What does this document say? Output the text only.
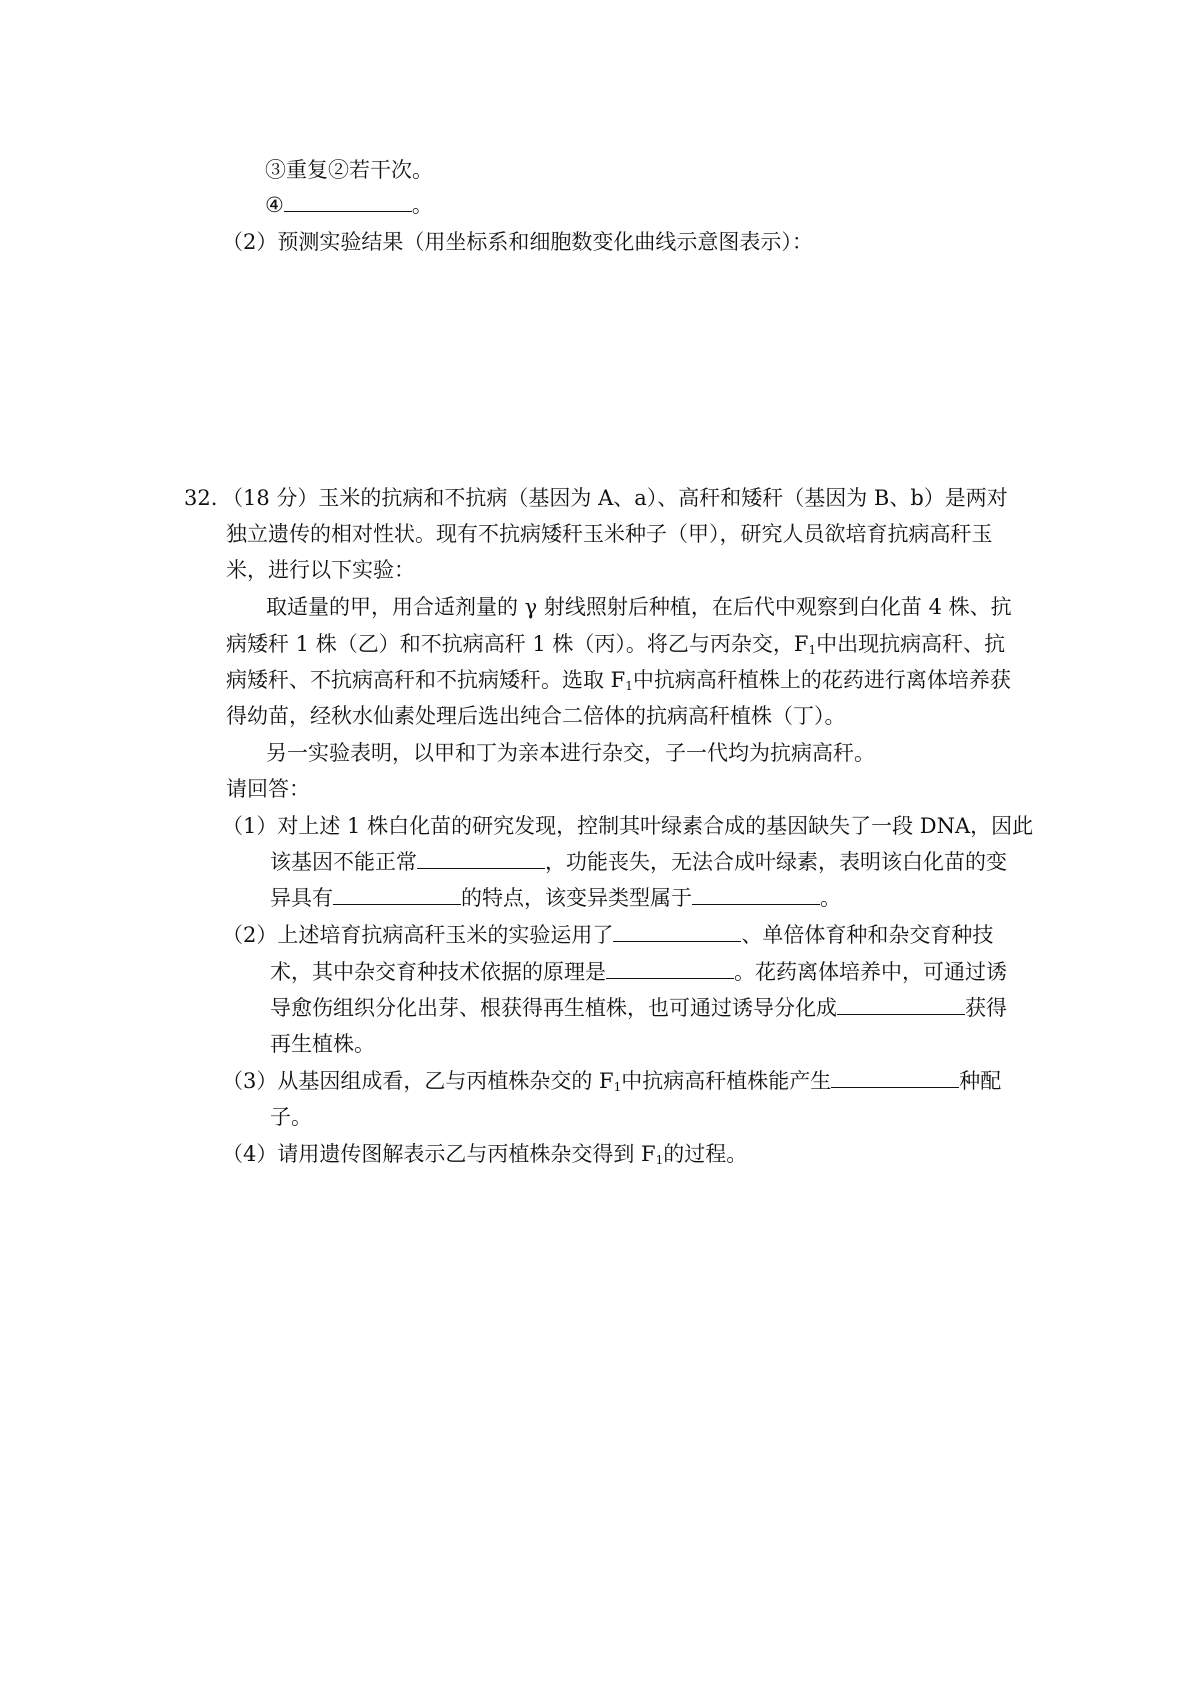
③重复②若干次。
④	。
（2）预测实验结果（用坐标系和细胞数变化曲线示意图表示）：
32. （18 分）玉米的抗病和不抗病（基因为 A、a）、高秆和矮秆（基因为 B、b）是两对
独立遗传的相对性状。现有不抗病矮秆玉米种子（甲），研究人员欲培育抗病高秆玉
米，进行以下实验：
取适量的甲，用合适剂量的 γ 射线照射后种植，在后代中观察到白化苗 4 株、抗
病矮秆 1 株（乙）和不抗病高秆 1 株（丙）。将乙与丙杂交，$F_1$中出现抗病高秆、抗
病矮秆、不抗病高秆和不抗病矮秆。选取 $F_1$中抗病高秆植株上的花药进行离体培养获
得幼苗，经秋水仙素处理后选出纯合二倍体的抗病高秆植株（丁）。
另一实验表明，以甲和丁为亲本进行杂交，子一代均为抗病高秆。
请回答：
（1）对上述 1 株白化苗的研究发现，控制其叶绿素合成的基因缺失了一段 DNA，因此
该基因不能正常	，功能丧失，无法合成叶绿素，表明该白化苗的变
异具有	的特点，该变异类型属于	。
（2）上述培育抗病高秆玉米的实验运用了	、单倍体育种和杂交育种技
术，其中杂交育种技术依据的原理是	。花药离体培养中，可通过诱
导愈伤组织分化出芽、根获得再生植株，也可通过诱导分化成	获得
再生植株。
（3）从基因组成看，乙与丙植株杂交的 $F_1$中抗病高秆植株能产生	种配
子。
（4）请用遗传图解表示乙与丙植株杂交得到 $F_1$的过程。
